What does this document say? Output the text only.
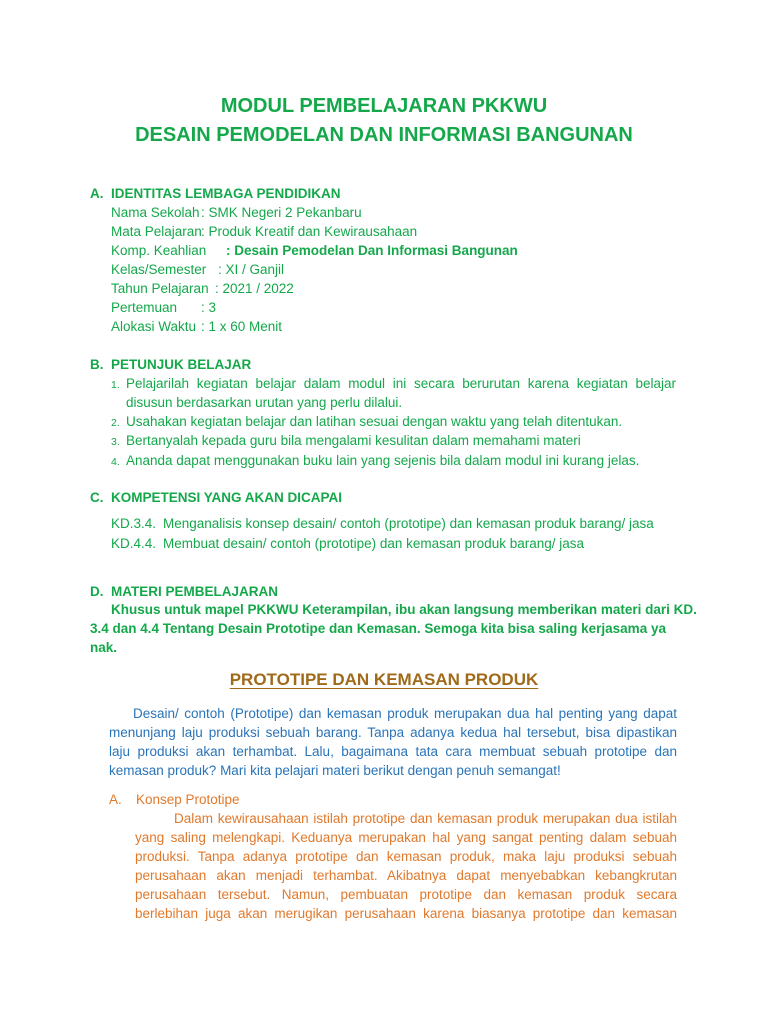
MODUL PEMBELAJARAN PKKWU
DESAIN PEMODELAN DAN INFORMASI BANGUNAN
A. IDENTITAS LEMBAGA PENDIDIKAN
Nama Sekolah: SMK Negeri 2 Pekanbaru
Mata Pelajaran: Produk Kreatif dan Kewirausahaan
Komp. Keahlian : Desain Pemodelan Dan Informasi Bangunan
Kelas/Semester : XI / Ganjil
Tahun Pelajaran : 2021 / 2022
Pertemuan : 3
Alokasi Waktu : 1 x 60 Menit
B. PETUNJUK BELAJAR
1. Pelajarilah kegiatan belajar dalam modul ini secara berurutan karena kegiatan belajar
disusun berdasarkan urutan yang perlu dilalui.
2. Usahakan kegiatan belajar dan latihan sesuai dengan waktu yang telah ditentukan.
3. Bertanyalah kepada guru bila mengalami kesulitan dalam memahami materi
4. Ananda dapat menggunakan buku lain yang sejenis bila dalam modul ini kurang jelas.
C. KOMPETENSI YANG AKAN DICAPAI
KD.3.4. Menganalisis konsep desain/ contoh (prototipe) dan kemasan produk barang/ jasa
KD.4.4. Membuat desain/ contoh (prototipe) dan kemasan produk barang/ jasa
D. MATERI PEMBELAJARAN
Khusus untuk mapel PKKWU Keterampilan, ibu akan langsung memberikan materi dari KD.
3.4 dan 4.4 Tentang Desain Prototipe dan Kemasan. Semoga kita bisa saling kerjasama ya
nak.
PROTOTIPE DAN KEMASAN PRODUK
Desain/ contoh (Prototipe) dan kemasan produk merupakan dua hal penting yang dapat
menunjang laju produksi sebuah barang. Tanpa adanya kedua hal tersebut, bisa dipastikan
laju produksi akan terhambat. Lalu, bagaimana tata cara membuat sebuah prototipe dan
kemasan produk? Mari kita pelajari materi berikut dengan penuh semangat!
A. Konsep Prototipe
Dalam kewirausahaan istilah prototipe dan kemasan produk merupakan dua istilah
yang saling melengkapi. Keduanya merupakan hal yang sangat penting dalam sebuah
produksi. Tanpa adanya prototipe dan kemasan produk, maka laju produksi sebuah
perusahaan akan menjadi terhambat. Akibatnya dapat menyebabkan kebangkrutan
perusahaan tersebut. Namun, pembuatan prototipe dan kemasan produk secara
berlebihan juga akan merugikan perusahaan karena biasanya prototipe dan kemasan
